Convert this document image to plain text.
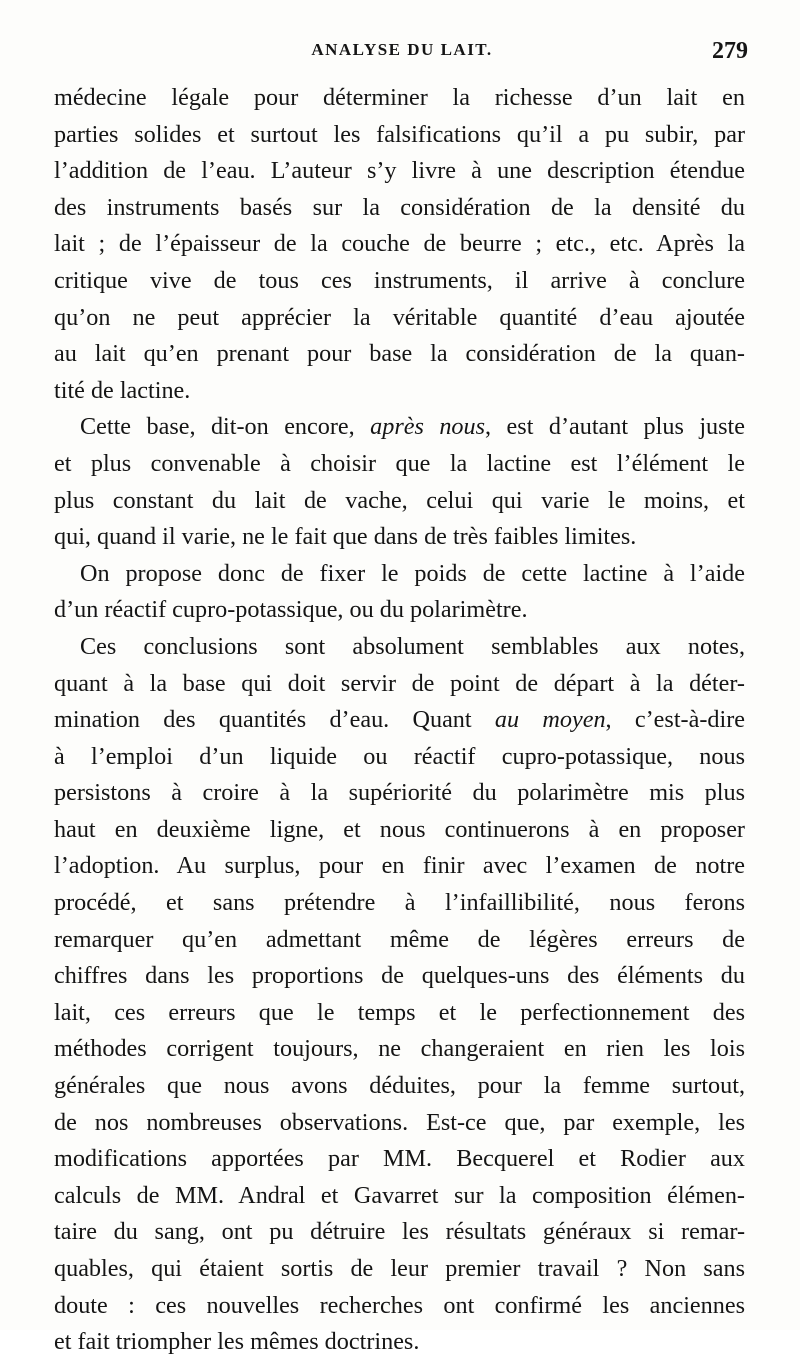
ANALYSE DU LAIT.	279

médecine légale pour déterminer la richesse d’un lait en
parties solides et surtout les falsifications qu’il a pu subir, par
l’addition de l’eau. L’auteur s’y livre à une description étendue
des instruments basés sur la considération de la densité du
lait ; de l’épaisseur de la couche de beurre ; etc., etc. Après la
critique vive de tous ces instruments, il arrive à conclure
qu’on ne peut apprécier la véritable quantité d’eau ajoutée
au lait qu’en prenant pour base la considération de la quan-
tité de lactine.

Cette base, dit-on encore, après nous, est d’autant plus juste
et plus convenable à choisir que la lactine est l’élément le
plus constant du lait de vache, celui qui varie le moins, et
qui, quand il varie, ne le fait que dans de très faibles limites.

On propose donc de fixer le poids de cette lactine à l’aide
d’un réactif cupro-potassique, ou du polarimètre.

Ces conclusions sont absolument semblables aux notes,
quant à la base qui doit servir de point de départ à la déter-
mination des quantités d’eau. Quant au moyen, c’est-à-dire
à l’emploi d’un liquide ou réactif cupro-potassique, nous
persistons à croire à la supériorité du polarimètre mis plus
haut en deuxième ligne, et nous continuerons à en proposer
l’adoption. Au surplus, pour en finir avec l’examen de notre
procédé, et sans prétendre à l’infaillibilité, nous ferons
remarquer qu’en admettant même de légères erreurs de
chiffres dans les proportions de quelques-uns des éléments du
lait, ces erreurs que le temps et le perfectionnement des
méthodes corrigent toujours, ne changeraient en rien les lois
générales que nous avons déduites, pour la femme surtout,
de nos nombreuses observations. Est-ce que, par exemple, les
modifications apportées par MM. Becquerel et Rodier aux
calculs de MM. Andral et Gavarret sur la composition élémen-
taire du sang, ont pu détruire les résultats généraux si remar-
quables, qui étaient sortis de leur premier travail ? Non sans
doute : ces nouvelles recherches ont confirmé les anciennes
et fait triompher les mêmes doctrines.
